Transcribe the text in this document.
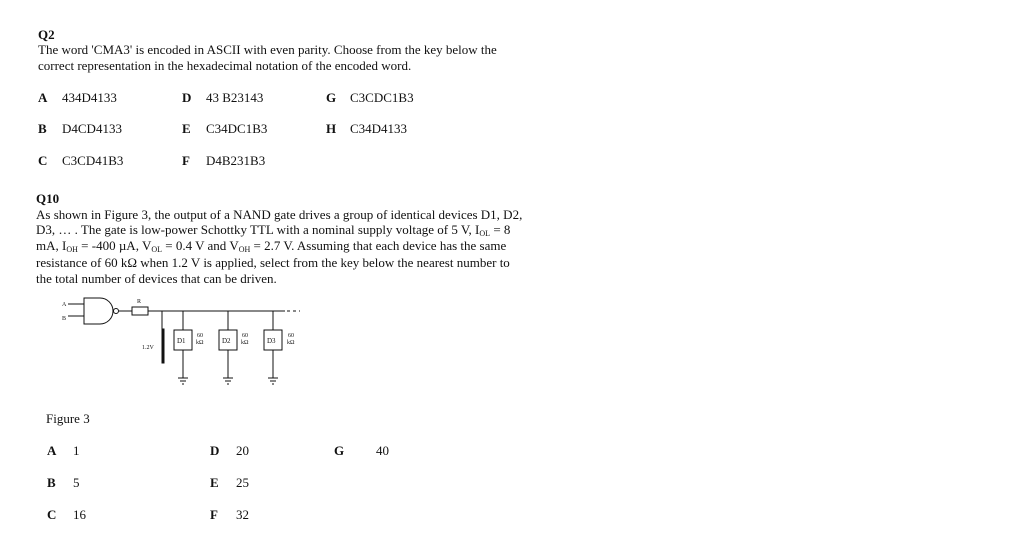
Q2
The word 'CMA3' is encoded in ASCII with even parity. Choose from the key below the
correct representation in the hexadecimal notation of the encoded word.
A 434D4133	D 43 B23143	G C3CDC1B3
B D4CD4133	E C34DC1B3	H C34D4133
C C3CD41B3	F D4B231B3
Q10
As shown in Figure 3, the output of a NAND gate drives a group of identical devices D1, D2,
D3, … . The gate is low-power Schottky TTL with a nominal supply voltage of 5 V, $I_{OL} = 8$
mA, $I_{OH} = -400$ µA, $V_{OL} = 0.4$ V and $V_{OH} = 2.7$ V. Assuming that each device has the same
resistance of 60 kΩ when 1.2 V is applied, select from the key below the nearest number to
the total number of devices that can be driven.
A
B
R
1.2V
D1
60
kΩ	D2
60
kΩ	D3
60
kΩ
Figure 3
A 1	D 20	G 40
B 5	E 25
C 16	F 32
